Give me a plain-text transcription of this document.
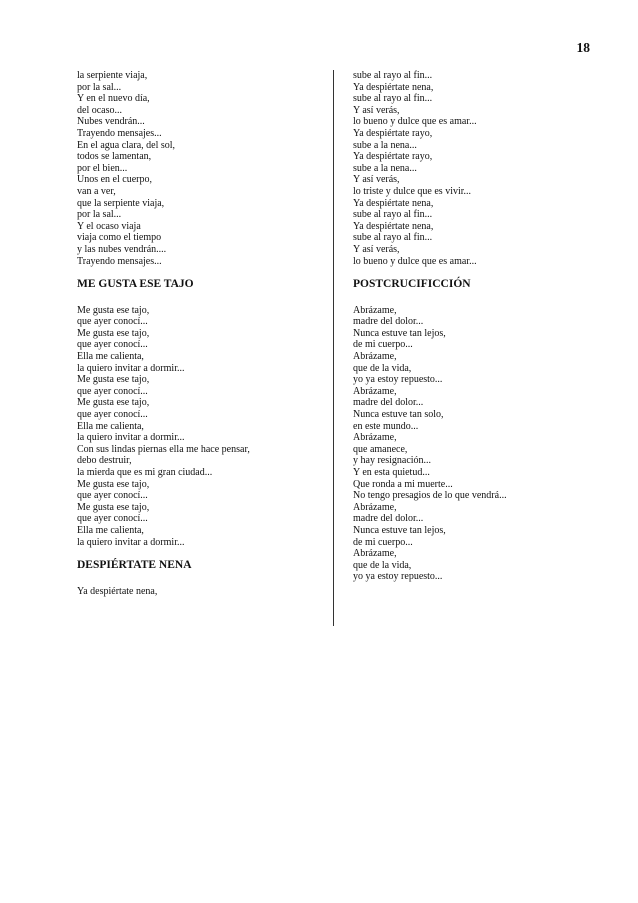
18
la serpiente viaja,
por la sal...
Y en el nuevo día,
del ocaso...
Nubes vendrán...
Trayendo mensajes...
En el agua clara, del sol,
todos se lamentan,
por el bien...
Unos en el cuerpo,
van a ver,
que la serpiente viaja,
por la sal...
Y el ocaso viaja
viaja como el tiempo
y las nubes vendrán....
Trayendo mensajes...
ME GUSTA ESE TAJO
Me gusta ese tajo,
que ayer conocí...
Me gusta ese tajo,
que ayer conocí...
Ella me calienta,
la quiero invitar a dormir...
Me gusta ese tajo,
que ayer conocí...
Me gusta ese tajo,
que ayer conocí...
Ella me calienta,
la quiero invitar a dormir...
Con sus lindas piernas ella me hace pensar,
debo destruir,
la mierda que es mi gran ciudad...
Me gusta ese tajo,
que ayer conocí...
Me gusta ese tajo,
que ayer conocí...
Ella me calienta,
la quiero invitar a dormir...
DESPIÉRTATE NENA
Ya despiértate nena,
sube al rayo al fin...
Ya despiértate nena,
sube al rayo al fin...
Y así verás,
lo bueno y dulce que es amar...
Ya despiértate rayo,
sube a la nena...
Ya despiértate rayo,
sube a la nena...
Y así verás,
lo triste y dulce que es vivir...
Ya despiértate nena,
sube al rayo al fin...
Ya despiértate nena,
sube al rayo al fin...
Y así verás,
lo bueno y dulce que es amar...
POSTCRUCIFICCIÓN
Abrázame,
madre del dolor...
Nunca estuve tan lejos,
de mi cuerpo...
Abrázame,
que de la vida,
yo ya estoy repuesto...
Abrázame,
madre del dolor...
Nunca estuve tan solo,
en este mundo...
Abrázame,
que amanece,
y hay resignación...
Y en esta quietud...
Que ronda a mi muerte...
No tengo presagios de lo que vendrá...
Abrázame,
madre del dolor...
Nunca estuve tan lejos,
de mi cuerpo...
Abrázame,
que de la vida,
yo ya estoy repuesto...
